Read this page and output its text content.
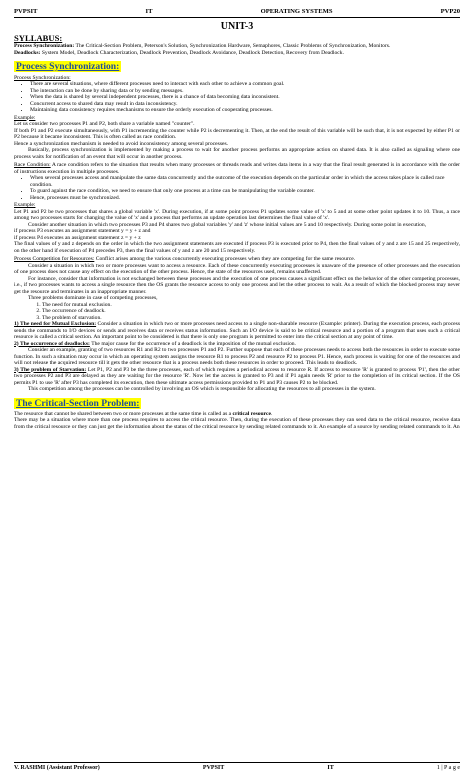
PVPSIT	IT	OPERATING SYSTEMS	PVP20
UNIT-3
SYLLABUS:

Process Synchronization: The Critical-Section Problem, Peterson's Solution, Synchronization Hardware, Semaphores, Classic Problems of Synchronization, Monitors.

Deadlocks: System Model, Deadlock Characterization, Deadlock Prevention, Deadlock Avoidance, Deadlock Detection, Recovery from Deadlock.

Process Synchronization:
Process Synchronization:
• There are several situations, where different processes need to interact with each other to achieve a common goal.
• The interaction can be done by sharing data or by sending messages.
• When the data is shared by several independent processes, there is a chance of data becoming data inconsistent.
• Concurrent access to shared data may result in data inconsistency.
• Maintaining data consistency requires mechanisms to ensure the orderly execution of cooperating processes.

Example:

Let us consider two processes P1 and P2, both share a variable named "counter".

If both P1 and P2 execute simultaneously, with P1 incrementing the counter while P2 is decrementing it. Then, at the end the result of this variable will be such that, it is not expected by either P1 or P2 because it became inconsistent. This is often called as race condition.

Hence a synchronization mechanism is needed to avoid inconsistency among several processes.

Basically, process synchronization is implemented by making a process to wait for another process performs an appropriate action on shared data. It is also called as signaling where one process waits for notification of an event that will occur in another process.

Race Condition: A race condition refers to the situation that results when many processes or threads reads and writes data items in a way that the final result generated is in accordance with the order of instructions execution in multiple processes.

• When several processes access and manipulate the same data concurrently and the outcome of the execution depends on the particular order in which the access takes place is called race condition.
• To guard against the race condition, we need to ensure that only one process at a time can be manipulating the variable counter.
• Hence, processes must be synchronized.

Example:

Let P1 and P2 be two processes that shares a global variable 'x'. During execution, if at some point process P1 updates some value of 'x' to 5 and at some other point updates it to 10. Thus, a race among two processes starts for changing the value of 'x' and a process that performs an update operation last determines the final value of 'x'.

Consider another situation in which two processes P3 and P4 shares two global variables 'y' and 'z' whose initial values are 5 and 10 respectively. During some point in execution,

if process P3 executes an assignment statement y = y + z and

if process P4 executes an assignment statement z = y + z

The final values of y and z depends on the order in which the two assignment statements are executed if process P3 is executed prior to P4, then the final values of y and z are 15 and 25 respectively, on the other hand if execution of P4 precedes P3, then the final values of y and z are 20 and 15 respectively.

Process Competition for Resources: Conflict arises among the various concurrently executing processes when they are competing for the same resource.

Consider a situation in which two or more processes want to access a resource. Each of these concurrently executing processes is unaware of the presence of other processes and the execution of one process does not cause any effect on the execution of the other process. Hence, the state of the resources used, remains unaffected.

For instance, consider that information is not exchanged between these processes and the execution of one process causes a significant effect on the behavior of the other competing processes, i.e., if two processes wants to access a single resource then the OS grants the resource access to only one process and let the other process to wait. As a result of which the blocked process may never get the resource and terminates in an inappropriate manner.

Three problems dominate in case of competing processes,

1. The need for mutual exclusion.
2. The occurrence of deadlock.
3. The problem of starvation.

1) The need for Mutual Exclusion: Consider a situation in which two or more processes need access to a single non-sharable resource (Example: printer). During the execution process, each process sends the commands to I/O devices or sends and receives data or receives status information. Such an I/O device is said to be critical resource and a portion of a program that uses such a critical resource is called a critical section. An important point to be considered is that there is only one program is permitted to enter into the critical section at any point of time.

2) The occurrence of deadlocks: The major cause for the occurrence of a deadlock is the imposition of the mutual exclusion.

Consider an example, granting of two resources R1 and R2 to two processes P1 and P2. Further suppose that each of these processes needs to access both the resources in order to execute some function. In such a situation may occur in which an operating system assigns the resource R1 to process P2 and resource P2 to process P1. Hence, each process is waiting for one of the resources and will not release the acquired resource till it gets the other resource that is a process needs both these resources in order to proceed. This leads to deadlock.

3) The problem of Starvation: Let P1, P2 and P3 be the three processes, each of which requires a periodical access to resource R. If access to resource 'R' is granted to process 'P1', then the other two processes P2 and P3 are delayed as they are waiting for the resource 'R'. Now let the access is granted to P3 and if P1 again needs 'R' prior to the completion of its critical section. If the OS permits P1 to use 'R' after P3 has completed its execution, then these ultimate access permissions provided to P1 and P3 causes P2 to be blocked.

This competition among the processes can be controlled by involving an OS which is responsible for allocating the resources to all processes in the system.

The Critical-Section Problem:

The resource that cannot be shared between two or more processes at the same time is called as a critical resource.

There may be a situation where more than one process requires to access the critical resource. Then, during the execution of these processes they can send data to the critical resource, receive data from the critical resource or they can just get the information about the status of the critical resource by sending related commands to it. An example of a source by sending related commands to it. An

V. RASHMI (Assistant Professor)	PVPSIT	IT	1 | P a g e
